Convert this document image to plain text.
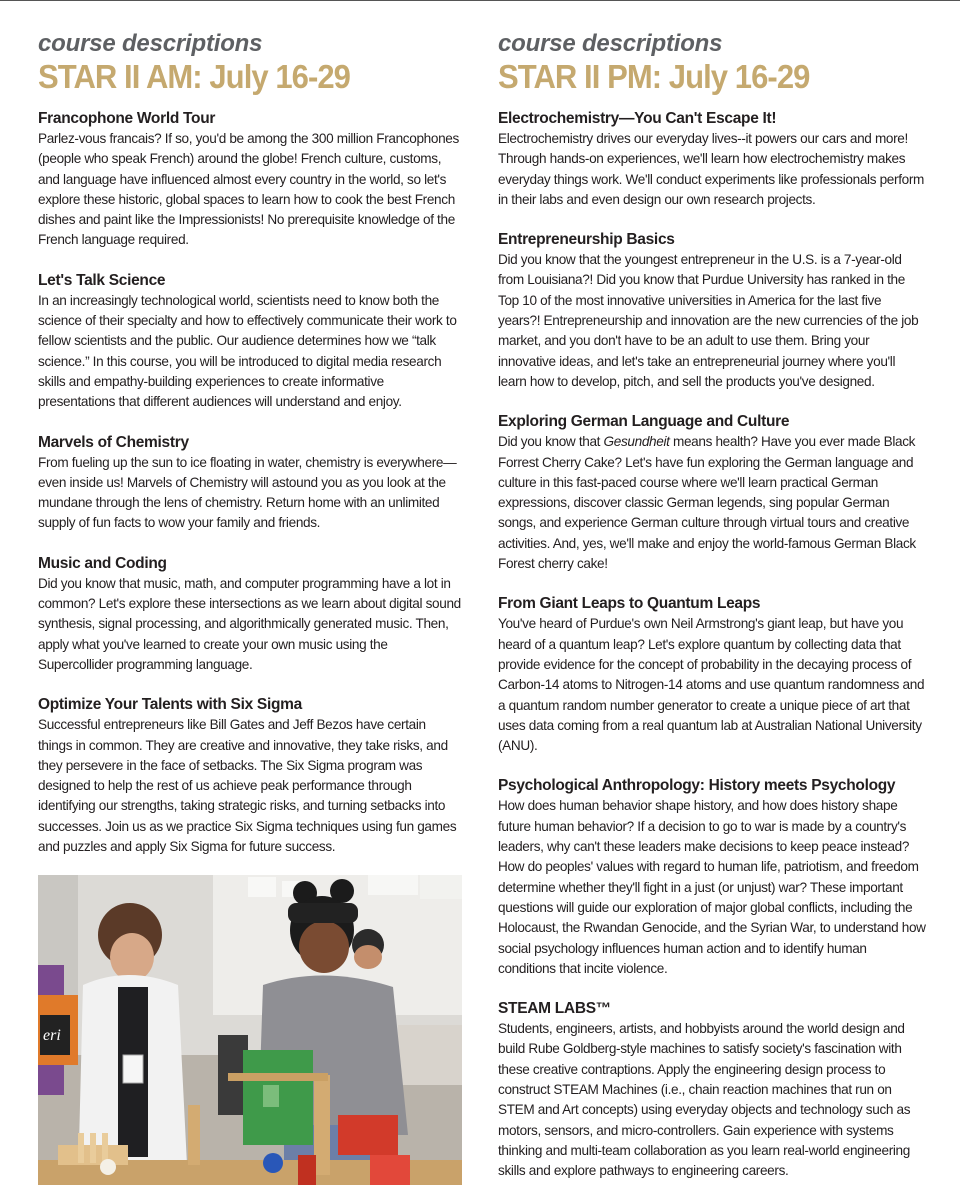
course descriptions
STAR II AM: July 16-29
Francophone World Tour
Parlez-vous francais? If so, you'd be among the 300 million Francophones (people who speak French) around the globe! French culture, customs, and language have influenced almost every country in the world, so let's explore these historic, global spaces to learn how to cook the best French dishes and paint like the Impressionists! No prerequisite knowledge of the French language required.
Let's Talk Science
In an increasingly technological world, scientists need to know both the science of their specialty and how to effectively communicate their work to fellow scientists and the public. Our audience determines how we “talk science.” In this course, you will be introduced to digital media research skills and empathy-building experiences to create informative presentations that different audiences will understand and enjoy.
Marvels of Chemistry
From fueling up the sun to ice floating in water, chemistry is everywhere—even inside us! Marvels of Chemistry will astound you as you look at the mundane through the lens of chemistry. Return home with an unlimited supply of fun facts to wow your family and friends.
Music and Coding
Did you know that music, math, and computer programming have a lot in common? Let's explore these intersections as we learn about digital sound synthesis, signal processing, and algorithmically generated music. Then, apply what you've learned to create your own music using the Supercollider programming language.
Optimize Your Talents with Six Sigma
Successful entrepreneurs like Bill Gates and Jeff Bezos have certain things in common. They are creative and innovative, they take risks, and they persevere in the face of setbacks. The Six Sigma program was designed to help the rest of us achieve peak performance through identifying our strengths, taking strategic risks, and turning setbacks into successes. Join us as we practice Six Sigma techniques using fun games and puzzles and apply Six Sigma for future success.
eri
course descriptions
STAR II PM: July 16-29
Electrochemistry—You Can't Escape It!
Electrochemistry drives our everyday lives--it powers our cars and more! Through hands-on experiences, we'll learn how electrochemistry makes everyday things work. We'll conduct experiments like professionals perform in their labs and even design our own research projects.
Entrepreneurship Basics
Did you know that the youngest entrepreneur in the U.S. is a 7-year-old from Louisiana?! Did you know that Purdue University has ranked in the Top 10 of the most innovative universities in America for the last five years?! Entrepreneurship and innovation are the new currencies of the job market, and you don't have to be an adult to use them. Bring your innovative ideas, and let's take an entrepreneurial journey where you'll learn how to develop, pitch, and sell the products you've designed.
Exploring German Language and Culture
Did you know that Gesundheit means health? Have you ever made Black Forrest Cherry Cake? Let's have fun exploring the German language and culture in this fast-paced course where we'll learn practical German expressions, discover classic German legends, sing popular German songs, and experience German culture through virtual tours and creative activities. And, yes, we'll make and enjoy the world-famous German Black Forest cherry cake!
From Giant Leaps to Quantum Leaps
You've heard of Purdue's own Neil Armstrong's giant leap, but have you heard of a quantum leap? Let's explore quantum by collecting data that provide evidence for the concept of probability in the decaying process of Carbon-14 atoms to Nitrogen-14 atoms and use quantum randomness and a quantum random number generator to create a unique piece of art that uses data coming from a real quantum lab at Australian National University (ANU).
Psychological Anthropology: History meets Psychology
How does human behavior shape history, and how does history shape future human behavior? If a decision to go to war is made by a country's leaders, why can't these leaders make decisions to keep peace instead? How do peoples' values with regard to human life, patriotism, and freedom determine whether they'll fight in a just (or unjust) war? These important questions will guide our exploration of major global conflicts, including the Holocaust, the Rwandan Genocide, and the Syrian War, to understand how social psychology influences human action and to identify human conditions that incite violence.
STEAM LABS™
Students, engineers, artists, and hobbyists around the world design and build Rube Goldberg-style machines to satisfy society's fascination with these creative contraptions. Apply the engineering design process to construct STEAM Machines (i.e., chain reaction machines that run on STEM and Art concepts) using everyday objects and technology such as motors, sensors, and micro-controllers. Gain experience with systems thinking and multi-team collaboration as you learn real-world engineering skills and explore pathways to engineering careers.
